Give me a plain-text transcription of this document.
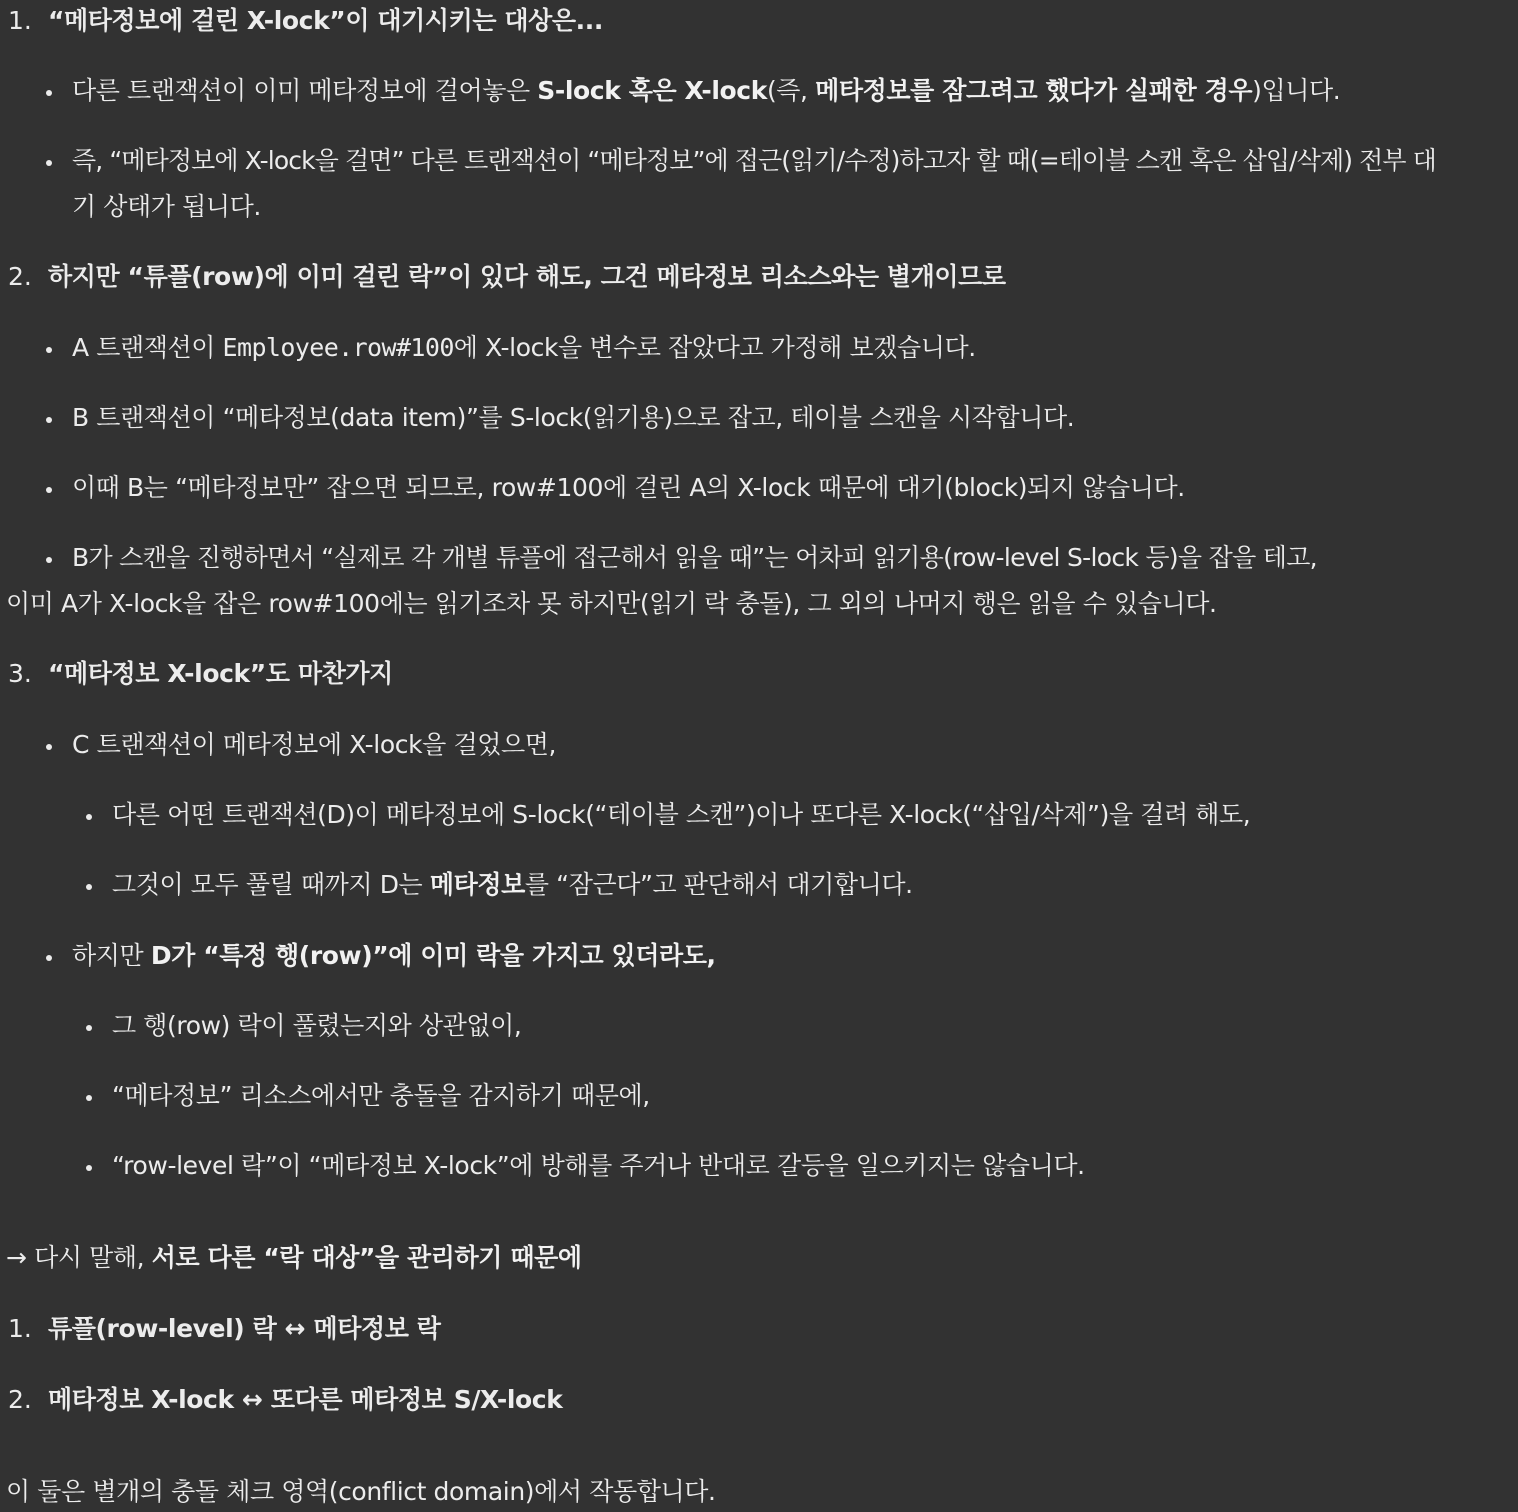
1. “메타정보에 걸린 X-lock”이 대기시키는 대상은...
다른 트랜잭션이 이미 메타정보에 걸어놓은 S-lock 혹은 X-lock(즉, 메타정보를 잠그려고 했다가 실패한 경우)입니다.
즉, “메타정보에 X-lock을 걸면” 다른 트랜잭션이 “메타정보”에 접근(읽기/수정)하고자 할 때(=테이블 스캔 혹은 삽입/삭제) 전부 대
기 상태가 됩니다.
2. 하지만 “튜플(row)에 이미 걸린 락”이 있다 해도, 그건 메타정보 리소스와는 별개이므로
A 트랜잭션이 Employee.row#100에 X-lock을 변수로 잡았다고 가정해 보겠습니다.
B 트랜잭션이 “메타정보(data item)”를 S-lock(읽기용)으로 잡고, 테이블 스캔을 시작합니다.
이때 B는 “메타정보만” 잡으면 되므로, row#100에 걸린 A의 X-lock 때문에 대기(block)되지 않습니다.
B가 스캔을 진행하면서 “실제로 각 개별 튜플에 접근해서 읽을 때”는 어차피 읽기용(row-level S-lock 등)을 잡을 테고,
이미 A가 X-lock을 잡은 row#100에는 읽기조차 못 하지만(읽기 락 충돌), 그 외의 나머지 행은 읽을 수 있습니다.
3. “메타정보 X-lock”도 마찬가지
C 트랜잭션이 메타정보에 X-lock을 걸었으면,
다른 어떤 트랜잭션(D)이 메타정보에 S-lock(“테이블 스캔”)이나 또다른 X-lock(“삽입/삭제”)을 걸려 해도,
그것이 모두 풀릴 때까지 D는 메타정보를 “잠근다”고 판단해서 대기합니다.
하지만 D가 “특정 행(row)”에 이미 락을 가지고 있더라도,
그 행(row) 락이 풀렸는지와 상관없이,
“메타정보” 리소스에서만 충돌을 감지하기 때문에,
“row-level 락”이 “메타정보 X-lock”에 방해를 주거나 반대로 갈등을 일으키지는 않습니다.
→ 다시 말해, 서로 다른 “락 대상”을 관리하기 때문에
1. 튜플(row-level) 락 ↔ 메타정보 락
2. 메타정보 X-lock ↔ 또다른 메타정보 S/X-lock
이 둘은 별개의 충돌 체크 영역(conflict domain)에서 작동합니다.
